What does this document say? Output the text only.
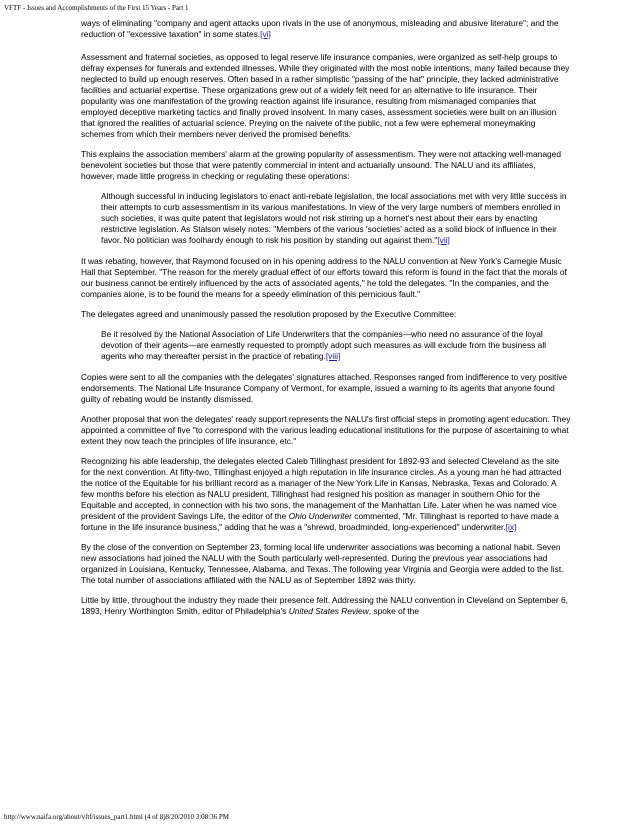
VFTF - Issues and Accomplishments of the First 15 Years - Part 1

ways of eliminating "company and agent attacks upon rivals in the use of anonymous, misleading and abusive literature"; and the reduction of "excessive taxation" in some states.[vi]

Assessment and fraternal societies, as opposed to legal reserve life insurance companies, were organized as self-help groups to defray expenses for funerals and extended illnesses. While they originated with the most noble intentions, many failed because they neglected to build up enough reserves. Often based in a rather simplistic "passing of the hat" principle, they lacked administrative facilities and actuarial expertise. These organizations grew out of a widely felt need for an alternative to life insurance. Their popularity was one manifestation of the growing reaction against life insurance, resulting from mismanaged companies that employed deceptive marketing tactics and finally proved insolvent. In many cases, assessment societies were built on an illusion that ignored the realities of actuarial science. Preying on the naivete of the public, not a few were ephemeral moneymaking schemes from which their members never derived the promised benefits.

This explains the association members' alarm at the growing popularity of assessmentism. They were not attacking well-managed benevolent societies but those that were patently commercial in intent and actuarially unsound. The NALU and its affiliates, however, made little progress in checking or regulating these operations:

Although successful in inducing legislators to enact anti-rebate legislation, the local associations met with very little success in their attempts to curb assessmentism in its various manifestations. In view of the very large numbers of members enrolled in such societies, it was quite patent that legislators would not risk stirring up a hornet's nest about their ears by enacting restrictive legislation. As Stalson wisely notes: "Members of the various 'societies' acted as a solid block of influence in their favor. No politician was foolhardy enough to risk his position by standing out against them."[vii]

It was rebating, however, that Raymond focused on in his opening address to the NALU convention at New York's Carnegie Music Hall that September. "The reason for the merely gradual effect of our efforts toward this reform is found in the fact that the morals of our business cannot be entirely influenced by the acts of associated agents," he told the delegates. "In the companies, and the companies alone, is to be found the means for a speedy elimination of this pernicious fault."

The delegates agreed and unanimously passed the resolution proposed by the Executive Committee:

Be it resolved by the National Association of Life Underwriters that the companies—who need no assurance of the loyal devotion of their agents—are earnestly requested to promptly adopt such measures as will exclude from the business all agents who may thereafter persist in the practice of rebating.[viii]

Copies were sent to all the companies with the delegates' signatures attached. Responses ranged from indifference to very positive endorsements. The National Life Insurance Company of Vermont, for example, issued a warning to its agents that anyone found guilty of rebating would be instantly dismissed.

Another proposal that won the delegates' ready support represents the NALU's first official steps in promoting agent education. They appointed a committee of five "to correspond with the various leading educational institutions for the purpose of ascertaining to what extent they now teach the principles of life insurance, etc."

Recognizing his able leadership, the delegates elected Caleb Tillinghast president for 1892-93 and selected Cleveland as the site for the next convention. At fifty-two, Tillinghast enjoyed a high reputation in life insurance circles. As a young man he had attracted the notice of the Equitable for his brilliant record as a manager of the New York Life in Kansas, Nebraska, Texas and Colorado. A few months before his election as NALU president, Tillinghast had resigned his position as manager in southern Ohio for the Equitable and accepted, in connection with his two sons, the management of the Manhattan Life. Later when he was named vice president of the provident Savings Life, the editor of the Ohio Underwriter commented, "Mr. Tillinghast is reported to have made a fortune in the life insurance business," adding that he was a "shrewd, broadminded, long-experienced" underwriter.[ix]

By the close of the convention on September 23, forming local life underwriter associations was becoming a national habit. Seven new associations had joined the NALU with the South particularly well-represented. During the previous year associations had organized in Louisiana, Kentucky, Tennessee, Alabama, and Texas. The following year Virginia and Georgia were added to the list. The total number of associations affiliated with the NALU as of September 1892 was thirty.

Little by little, throughout the industry they made their presence felt. Addressing the NALU convention in Cleveland on September 6, 1893, Henry Worthington Smith, editor of Philadelphia's United States Review, spoke of the

http://www.naifa.org/about/vftf/issues_part1.html (4 of 8)8/20/2010 3:08:36 PM
